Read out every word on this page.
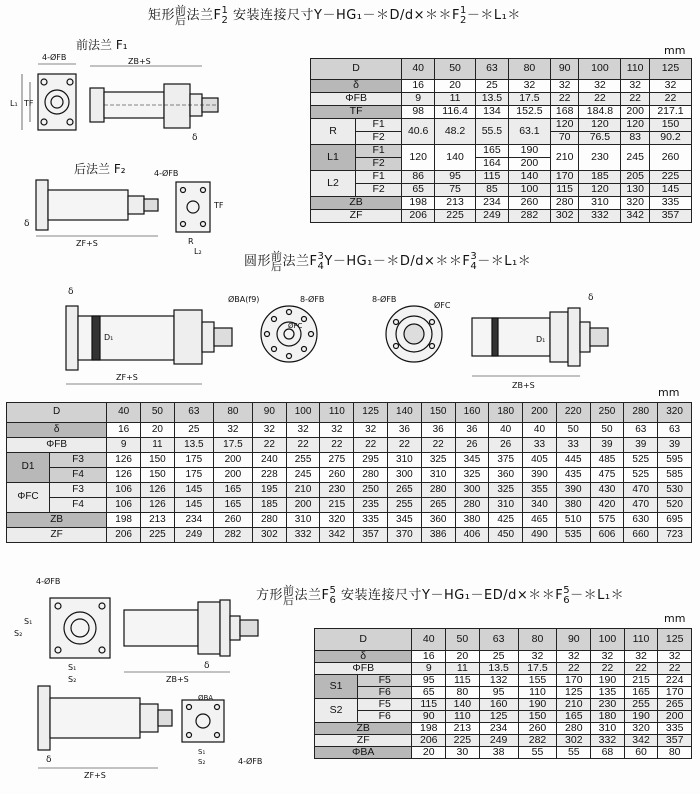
矩形前
后法兰F1
2 安装连接尺寸Y－HG₁－＊D/d×＊＊F1
2－＊L₁＊
前法兰 F₁
后法兰 F₂
mm
4-ØFB
TF
L₁
ZB+S
δ
δ
ZF+S
4-ØFB
TF
R
L₂
D		40	50	63	80	90	100	110	125
δ		16	20	25	32	32	32	32	32
ΦFB		9	11	13.5	17.5	22	22	22	22
TF		98	116.4	134	152.5	168	184.8	200	217.1
R	F1	40.6	48.2	55.5	63.1	120	120	120	150
	F2					70	76.5	83	90.2
L1	F1	120	140	165	190	210	230	245	260
	F2			164	200				
L2	F1	86	95	115	140	170	185	205	225
	F2	65	75	85	100	115	120	130	145
ZB		198	213	234	260	280	310	320	335
ZF		206	225	249	282	302	332	342	357
圆形前
后法兰F3
4Y－HG₁－＊D/d×＊＊F3
4－＊L₁＊
δ
D₁
ZF+S
ØBA(f9)	8-ØFB
ØFC
8-ØFB
ØFC
δ
D₁
ZB+S
mm
D		40	50	63	80	90	100	110	125	140	150	160	180	200	220	250	280	320
δ		16	20	25	32	32	32	32	32	36	36	36	40	40	50	50	63	63
ΦFB		9	11	13.5	17.5	22	22	22	22	22	22	26	26	33	33	39	39	39
D1	F3	126	150	175	200	240	255	275	295	310	325	345	375	405	445	485	525	595
	F4	126	150	175	200	228	245	260	280	300	310	325	360	390	435	475	525	585
ΦFC	F3	106	126	145	165	195	210	230	250	265	280	300	325	355	390	430	470	530
	F4	106	126	145	165	185	200	215	235	255	265	280	310	340	380	420	470	520
ZB		198	213	234	260	280	310	320	335	345	360	380	425	465	510	575	630	695
ZF		206	225	249	282	302	332	342	357	370	386	406	450	490	535	606	660	723
方形前
后法兰F5
6 安装连接尺寸Y－HG₁－ED/d×＊＊F5
6－＊L₁＊
mm
4-ØFB
S₁
S₂
S₁
S₂
δ
ZB+S
δ
ZF+S
ØBA
S₁
S₂	4-ØFB
D		40	50	63	80	90	100	110	125
δ		16	20	25	32	32	32	32	32
ΦFB		9	11	13.5	17.5	22	22	22	22
S1	F5	95	115	132	155	170	190	215	224
	F6	65	80	95	110	125	135	165	170
S2	F5	115	140	160	190	210	230	255	265
	F6	90	110	125	150	165	180	190	200
ZB		198	213	234	260	280	310	320	335
ZF		206	225	249	282	302	332	342	357
ΦBA		20	30	38	55	55	68	60	80
